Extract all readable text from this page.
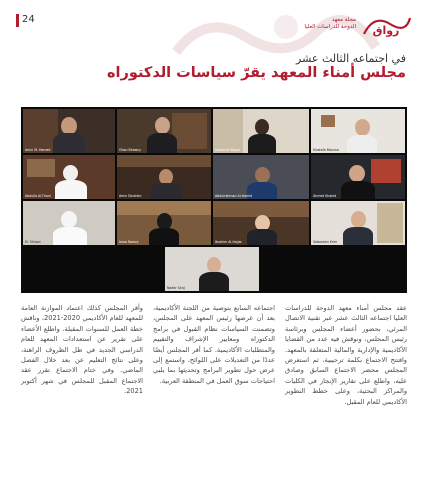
24	مجلة معهد
الدوحة للدراسات العليا رواق
في اجتماعه الثالث عشر
مجلس أمناء المعهد يقرّ سياسات الدكتوراه
Amin M. Hamed	Ohan Bhawcy	Samia Ar Bisoul	Mustafa Moussa
Abdulla Al-Thani	Amin Ebrahim	Abdulrahman Al-Hamid	Ahmed Khaled
M. Shirazi	Israa Ramzy	Ibrahim Al-Hajjar	Sebastien Krim
Nader Siraj

عقد مجلس أمناء معهد الدوحة للدراسات العليا اجتماعه الثالث عشر عبر تقنية الاتصال المرئي، بحضور أعضاء المجلس وبرئاسة رئيس المجلس، ونوقش فيه عدد من القضايا الأكاديمية والإدارية والمالية المتعلقة بالمعهد. وافتتح الاجتماع بكلمة ترحيبية، ثم استعرض المجلس محضر الاجتماع السابق وصادق عليه، واطلع على تقارير الإنجاز في الكليات والمراكز البحثية، وعلى خطط التطوير الأكاديمي للعام المقبل.

اجتماعه السابع بتوصية من اللجنة الأكاديمية، بعد أن عرضها رئيس المعهد على المجلس، وتضمنت السياسات نظام القبول في برامج الدكتوراه ومعايير الإشراف والتقييم والمتطلبات الأكاديمية. كما أقر المجلس أيضًا عددًا من التعديلات على اللوائح، واستمع إلى عرض حول تطوير البرامج وتحديثها بما يلبي احتياجات سوق العمل في المنطقة العربية.

وأقر المجلس كذلك اعتماد الموازنة العامة للمعهد للعام الأكاديمي 2020-2021، وناقش خطة العمل للسنوات المقبلة. واطلع الأعضاء على تقرير عن استعدادات المعهد للعام الدراسي الجديد في ظل الظروف الراهنة، وعلى نتائج التعليم عن بعد خلال الفصل الماضي. وفي ختام الاجتماع تقرر عقد الاجتماع المقبل للمجلس في شهر أكتوبر 2021.
